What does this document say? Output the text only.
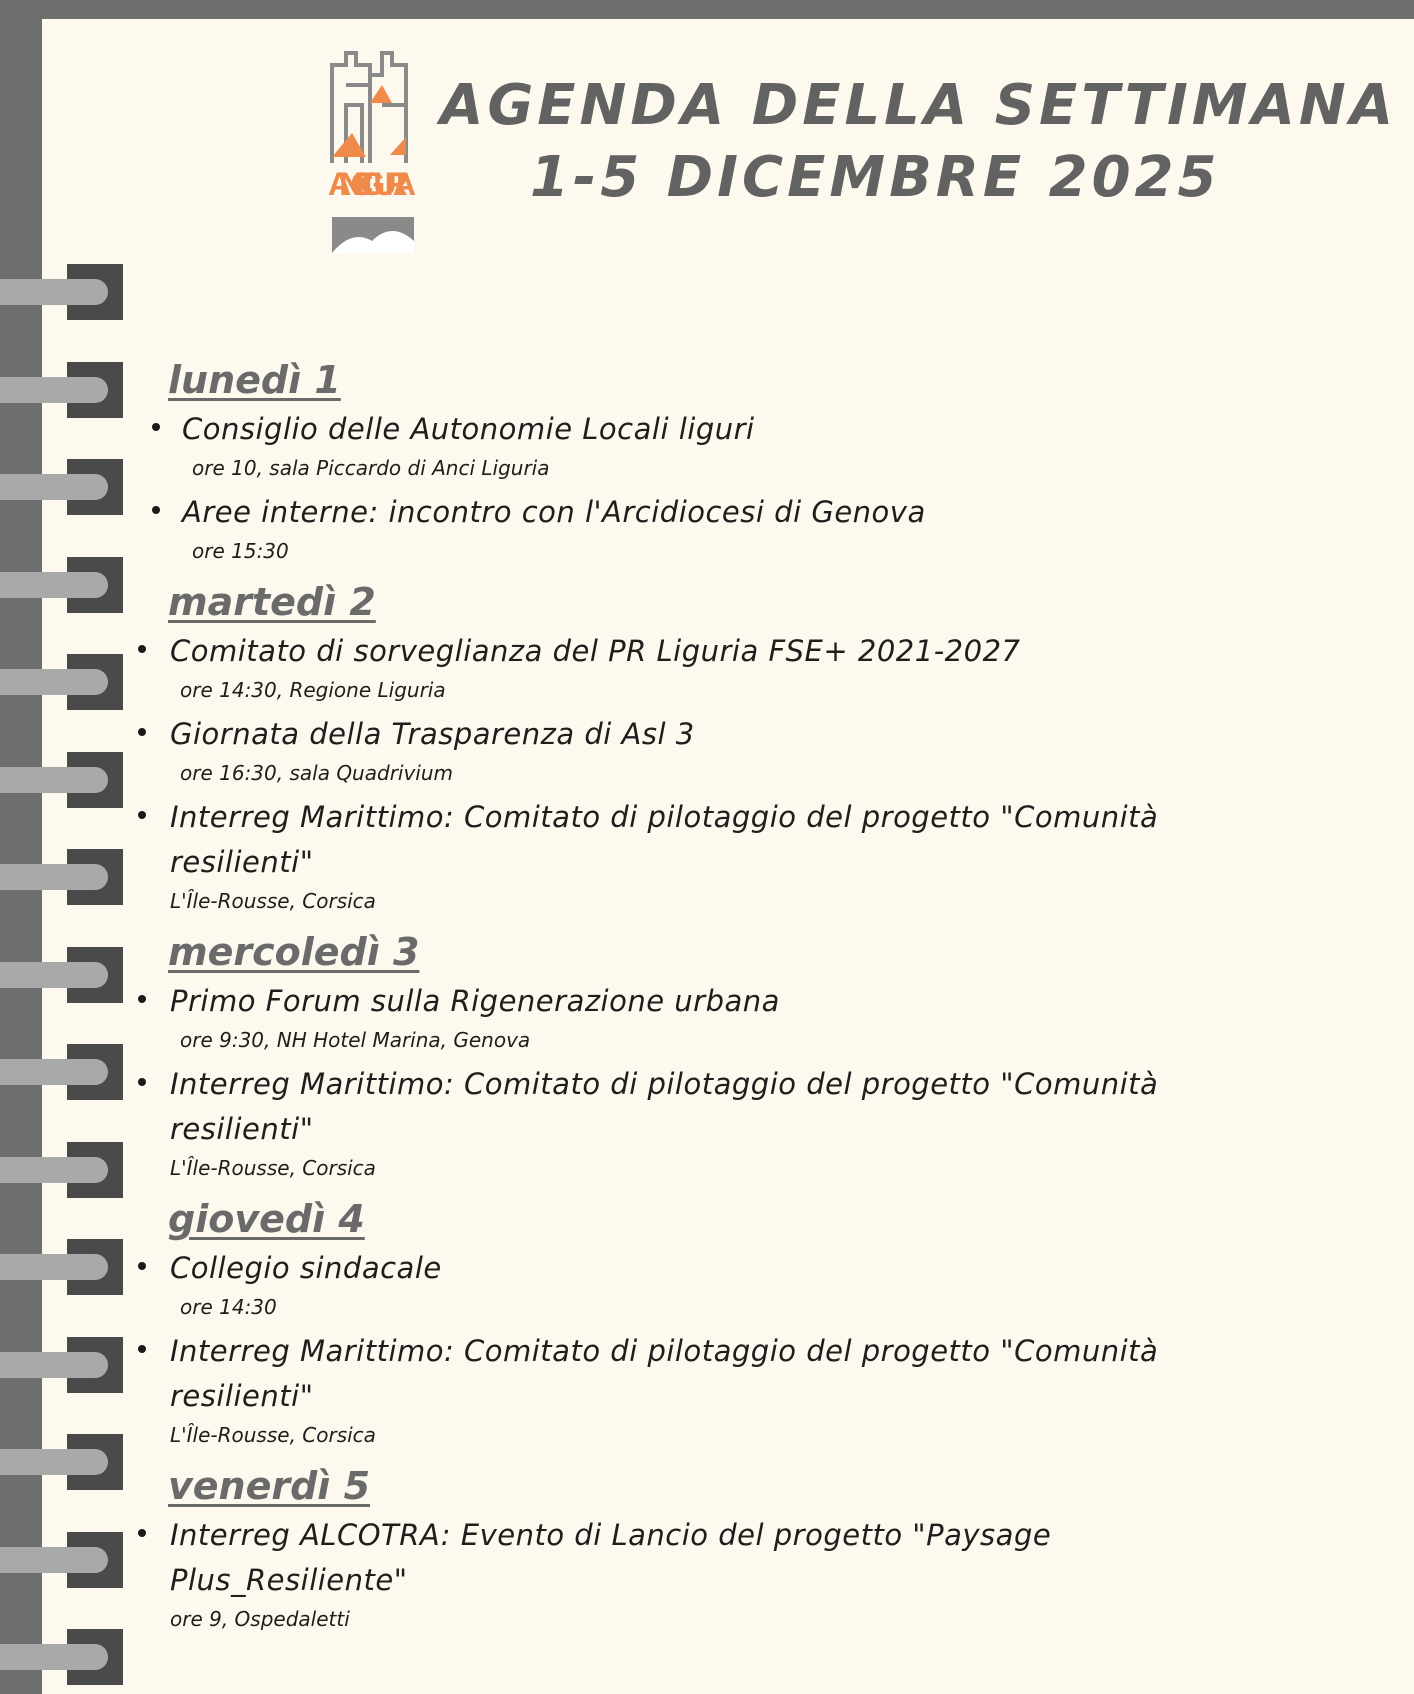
ANCI LIGURIA
AGENDA DELLA SETTIMANA
1-5 DICEMBRE 2025
lunedì 1
Consiglio delle Autonomie Locali liguri
ore 10, sala Piccardo di Anci Liguria
Aree interne: incontro con l'Arcidiocesi di Genova
ore 15:30
martedì 2
Comitato di sorveglianza del PR Liguria FSE+ 2021-2027
ore 14:30, Regione Liguria
Giornata della Trasparenza di Asl 3
ore 16:30, sala Quadrivium
Interreg Marittimo: Comitato di pilotaggio del progetto "Comunità resilienti"
L'Île-Rousse, Corsica
mercoledì 3
Primo Forum sulla Rigenerazione urbana
ore 9:30, NH Hotel Marina, Genova
Interreg Marittimo: Comitato di pilotaggio del progetto "Comunità resilienti"
L'Île-Rousse, Corsica
giovedì 4
Collegio sindacale
ore 14:30
Interreg Marittimo: Comitato di pilotaggio del progetto "Comunità resilienti"
L'Île-Rousse, Corsica
venerdì 5
Interreg ALCOTRA: Evento di Lancio del progetto "Paysage Plus_Resiliente"
ore 9, Ospedaletti
